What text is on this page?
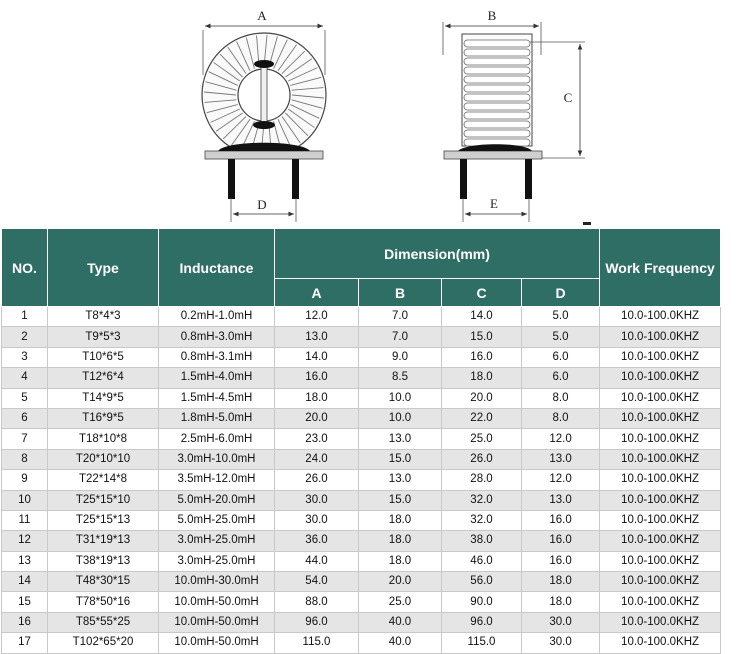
A
D
B
C
E
NO.	Type	Inductance	Dimension(mm)				Work Frequency
			A	B	C	D	
1	T8*4*3	0.2mH-1.0mH	12.0	7.0	14.0	5.0	10.0-100.0KHZ
2	T9*5*3	0.8mH-3.0mH	13.0	7.0	15.0	5.0	10.0-100.0KHZ
3	T10*6*5	0.8mH-3.1mH	14.0	9.0	16.0	6.0	10.0-100.0KHZ
4	T12*6*4	1.5mH-4.0mH	16.0	8.5	18.0	6.0	10.0-100.0KHZ
5	T14*9*5	1.5mH-4.5mH	18.0	10.0	20.0	8.0	10.0-100.0KHZ
6	T16*9*5	1.8mH-5.0mH	20.0	10.0	22.0	8.0	10.0-100.0KHZ
7	T18*10*8	2.5mH-6.0mH	23.0	13.0	25.0	12.0	10.0-100.0KHZ
8	T20*10*10	3.0mH-10.0mH	24.0	15.0	26.0	13.0	10.0-100.0KHZ
9	T22*14*8	3.5mH-12.0mH	26.0	13.0	28.0	12.0	10.0-100.0KHZ
10	T25*15*10	5.0mH-20.0mH	30.0	15.0	32.0	13.0	10.0-100.0KHZ
11	T25*15*13	5.0mH-25.0mH	30.0	18.0	32.0	16.0	10.0-100.0KHZ
12	T31*19*13	3.0mH-25.0mH	36.0	18.0	38.0	16.0	10.0-100.0KHZ
13	T38*19*13	3.0mH-25.0mH	44.0	18.0	46.0	16.0	10.0-100.0KHZ
14	T48*30*15	10.0mH-30.0mH	54.0	20.0	56.0	18.0	10.0-100.0KHZ
15	T78*50*16	10.0mH-50.0mH	88.0	25.0	90.0	18.0	10.0-100.0KHZ
16	T85*55*25	10.0mH-50.0mH	96.0	40.0	96.0	30.0	10.0-100.0KHZ
17	T102*65*20	10.0mH-50.0mH	115.0	40.0	115.0	30.0	10.0-100.0KHZ
